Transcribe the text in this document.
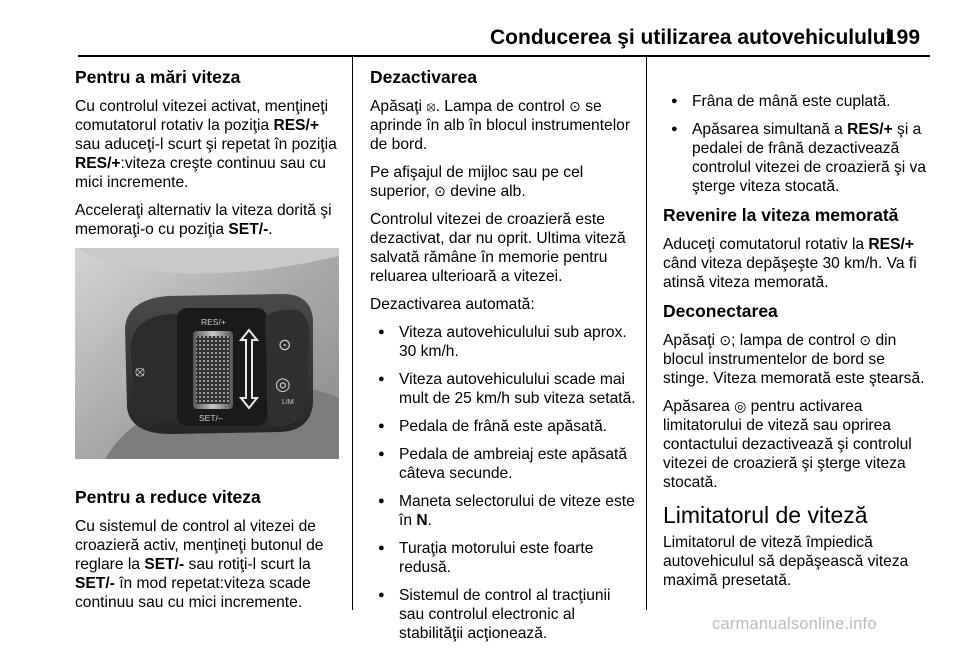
Conducerea şi utilizarea autovehiculului
199
Pentru a mări viteza

Cu controlul vitezei activat, menţineţi comutatorul rotativ la poziţia RES/+ sau aduceţi-l scurt şi repetat în poziţia RES/+:viteza creşte continuu sau cu mici incremente.

Acceleraţi alternativ la viteza dorită şi memoraţi-o cu poziţia SET/-.

⦻
RES/+
SET/–
⊙
◎
LIM
Pentru a reduce viteza

Cu sistemul de control al vitezei de croazieră activ, menţineţi butonul de reglare la SET/- sau rotiţi-l scurt la SET/- în mod repetat:viteza scade continuu sau cu mici incremente.

Dezactivarea

Apăsaţi ⦻. Lampa de control ⊙ se aprinde în alb în blocul instrumentelor de bord.

Pe afişajul de mijloc sau pe cel superior, ⊙ devine alb.

Controlul vitezei de croazieră este dezactivat, dar nu oprit. Ultima viteză salvată rămâne în memorie pentru reluarea ulterioară a vitezei.

Dezactivarea automată:

● Viteza autovehiculului sub aprox. 30 km/h.
● Viteza autovehiculului scade mai mult de 25 km/h sub viteza setată.
● Pedala de frână este apăsată.
● Pedala de ambreiaj este apăsată câteva secunde.
● Maneta selectorului de viteze este în N.
● Turaţia motorului este foarte redusă.
● Sistemul de control al tracţiunii sau controlul electronic al stabilităţii acţionează.
● Frâna de mână este cuplată.
● Apăsarea simultană a RES/+ şi a pedalei de frână dezactivează controlul vitezei de croazieră şi va şterge viteza stocată.
Revenire la viteza memorată

Aduceţi comutatorul rotativ la RES/+ când viteza depăşeşte 30 km/h. Va fi atinsă viteza memorată.

Deconectarea

Apăsaţi ⊙; lampa de control ⊙ din blocul instrumentelor de bord se stinge. Viteza memorată este ştearsă.

Apăsarea ◎ pentru activarea limitatorului de viteză sau oprirea contactului dezactivează şi controlul vitezei de croazieră şi şterge viteza stocată.

Limitatorul de viteză

Limitatorul de viteză împiedică autovehiculul să depăşească viteza maximă presetată.

carmanualsonline.info
